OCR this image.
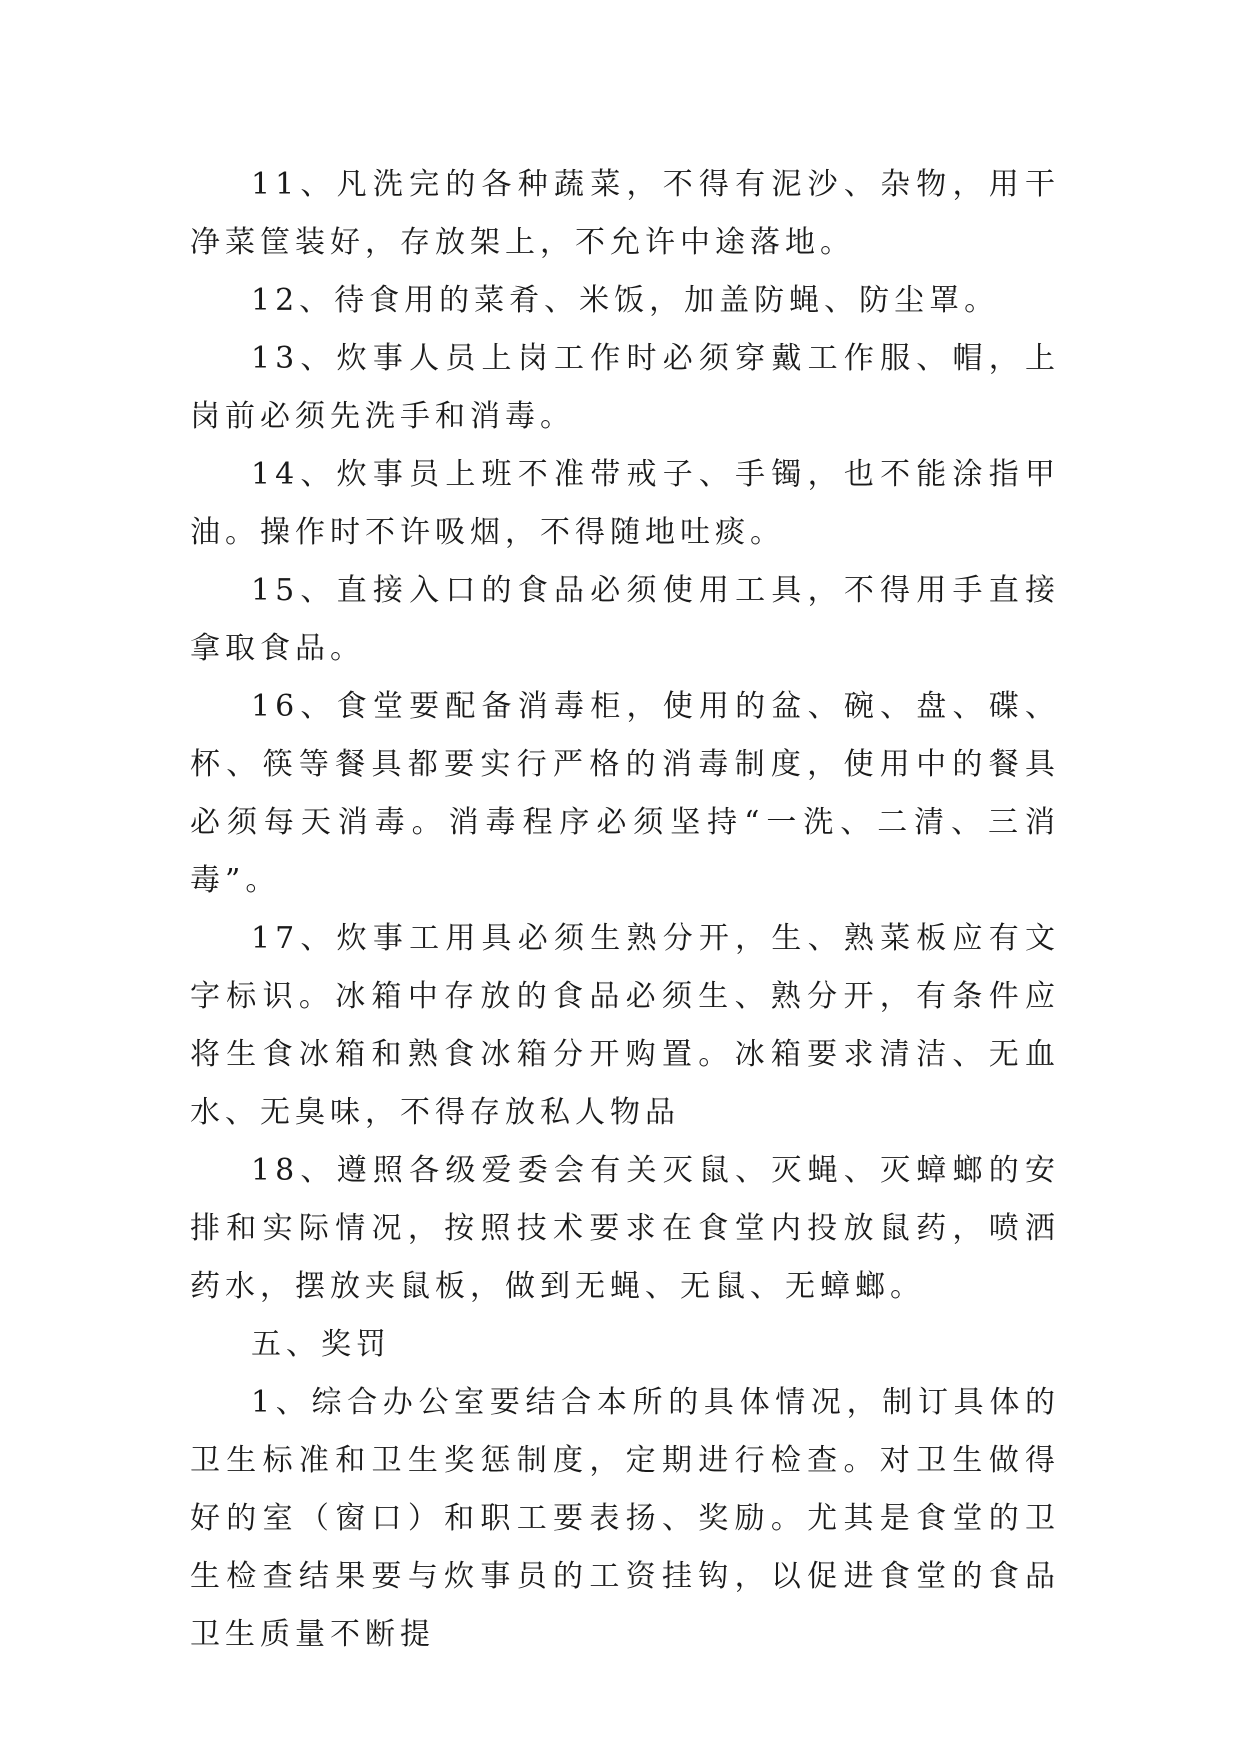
11、凡洗完的各种蔬菜，不得有泥沙、杂物，用干净菜筐装好，存放架上，不允许中途落地。

12、待食用的菜肴、米饭，加盖防蝇、防尘罩。

13、炊事人员上岗工作时必须穿戴工作服、帽，上岗前必须先洗手和消毒。

14、炊事员上班不准带戒子、手镯，也不能涂指甲油。操作时不许吸烟，不得随地吐痰。

15、直接入口的食品必须使用工具，不得用手直接拿取食品。

16、食堂要配备消毒柜，使用的盆、碗、盘、碟、杯、筷等餐具都要实行严格的消毒制度，使用中的餐具必须每天消毒。消毒程序必须坚持“一洗、二清、三消毒”。

17、炊事工用具必须生熟分开，生、熟菜板应有文字标识。冰箱中存放的食品必须生、熟分开，有条件应将生食冰箱和熟食冰箱分开购置。冰箱要求清洁、无血水、无臭味，不得存放私人物品

18、遵照各级爱委会有关灭鼠、灭蝇、灭蟑螂的安排和实际情况，按照技术要求在食堂内投放鼠药，喷洒药水，摆放夹鼠板，做到无蝇、无鼠、无蟑螂。

五、奖罚

1、综合办公室要结合本所的具体情况，制订具体的卫生标准和卫生奖惩制度，定期进行检查。对卫生做得好的室（窗口）和职工要表扬、奖励。尤其是食堂的卫生检查结果要与炊事员的工资挂钩，以促进食堂的食品卫生质量不断提
